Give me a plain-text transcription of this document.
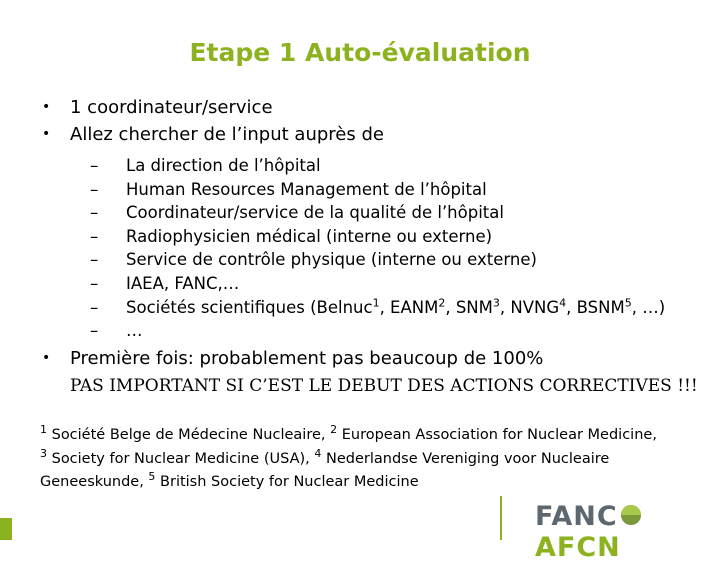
Etape 1 Auto-évaluation
• 1 coordinateur/service
• Allez chercher de l’input auprès de
– La direction de l’hôpital
– Human Resources Management de l’hôpital
– Coordinateur/service de la qualité de l’hôpital
– Radiophysicien médical (interne ou externe)
– Service de contrôle physique (interne ou externe)
– IAEA, FANC,…
– Sociétés scientifiques (Belnuc$^1$, EANM$^2$, SNM$^3$, NVNG$^4$, BSNM$^5$, …)
– …
• Première fois: probablement pas beaucoup de 100%
PAS IMPORTANT SI C’EST LE DEBUT DES ACTIONS CORRECTIVES !!!
$^1$ Société Belge de Médecine Nucleaire, $^2$ European Association for Nuclear Medicine,
$^3$ Society for Nuclear Medicine (USA), $^4$ Nederlandse Vereniging voor Nucleaire Geneeskunde, $^5$ British Society for Nuclear Medicine
FANCAFCN
